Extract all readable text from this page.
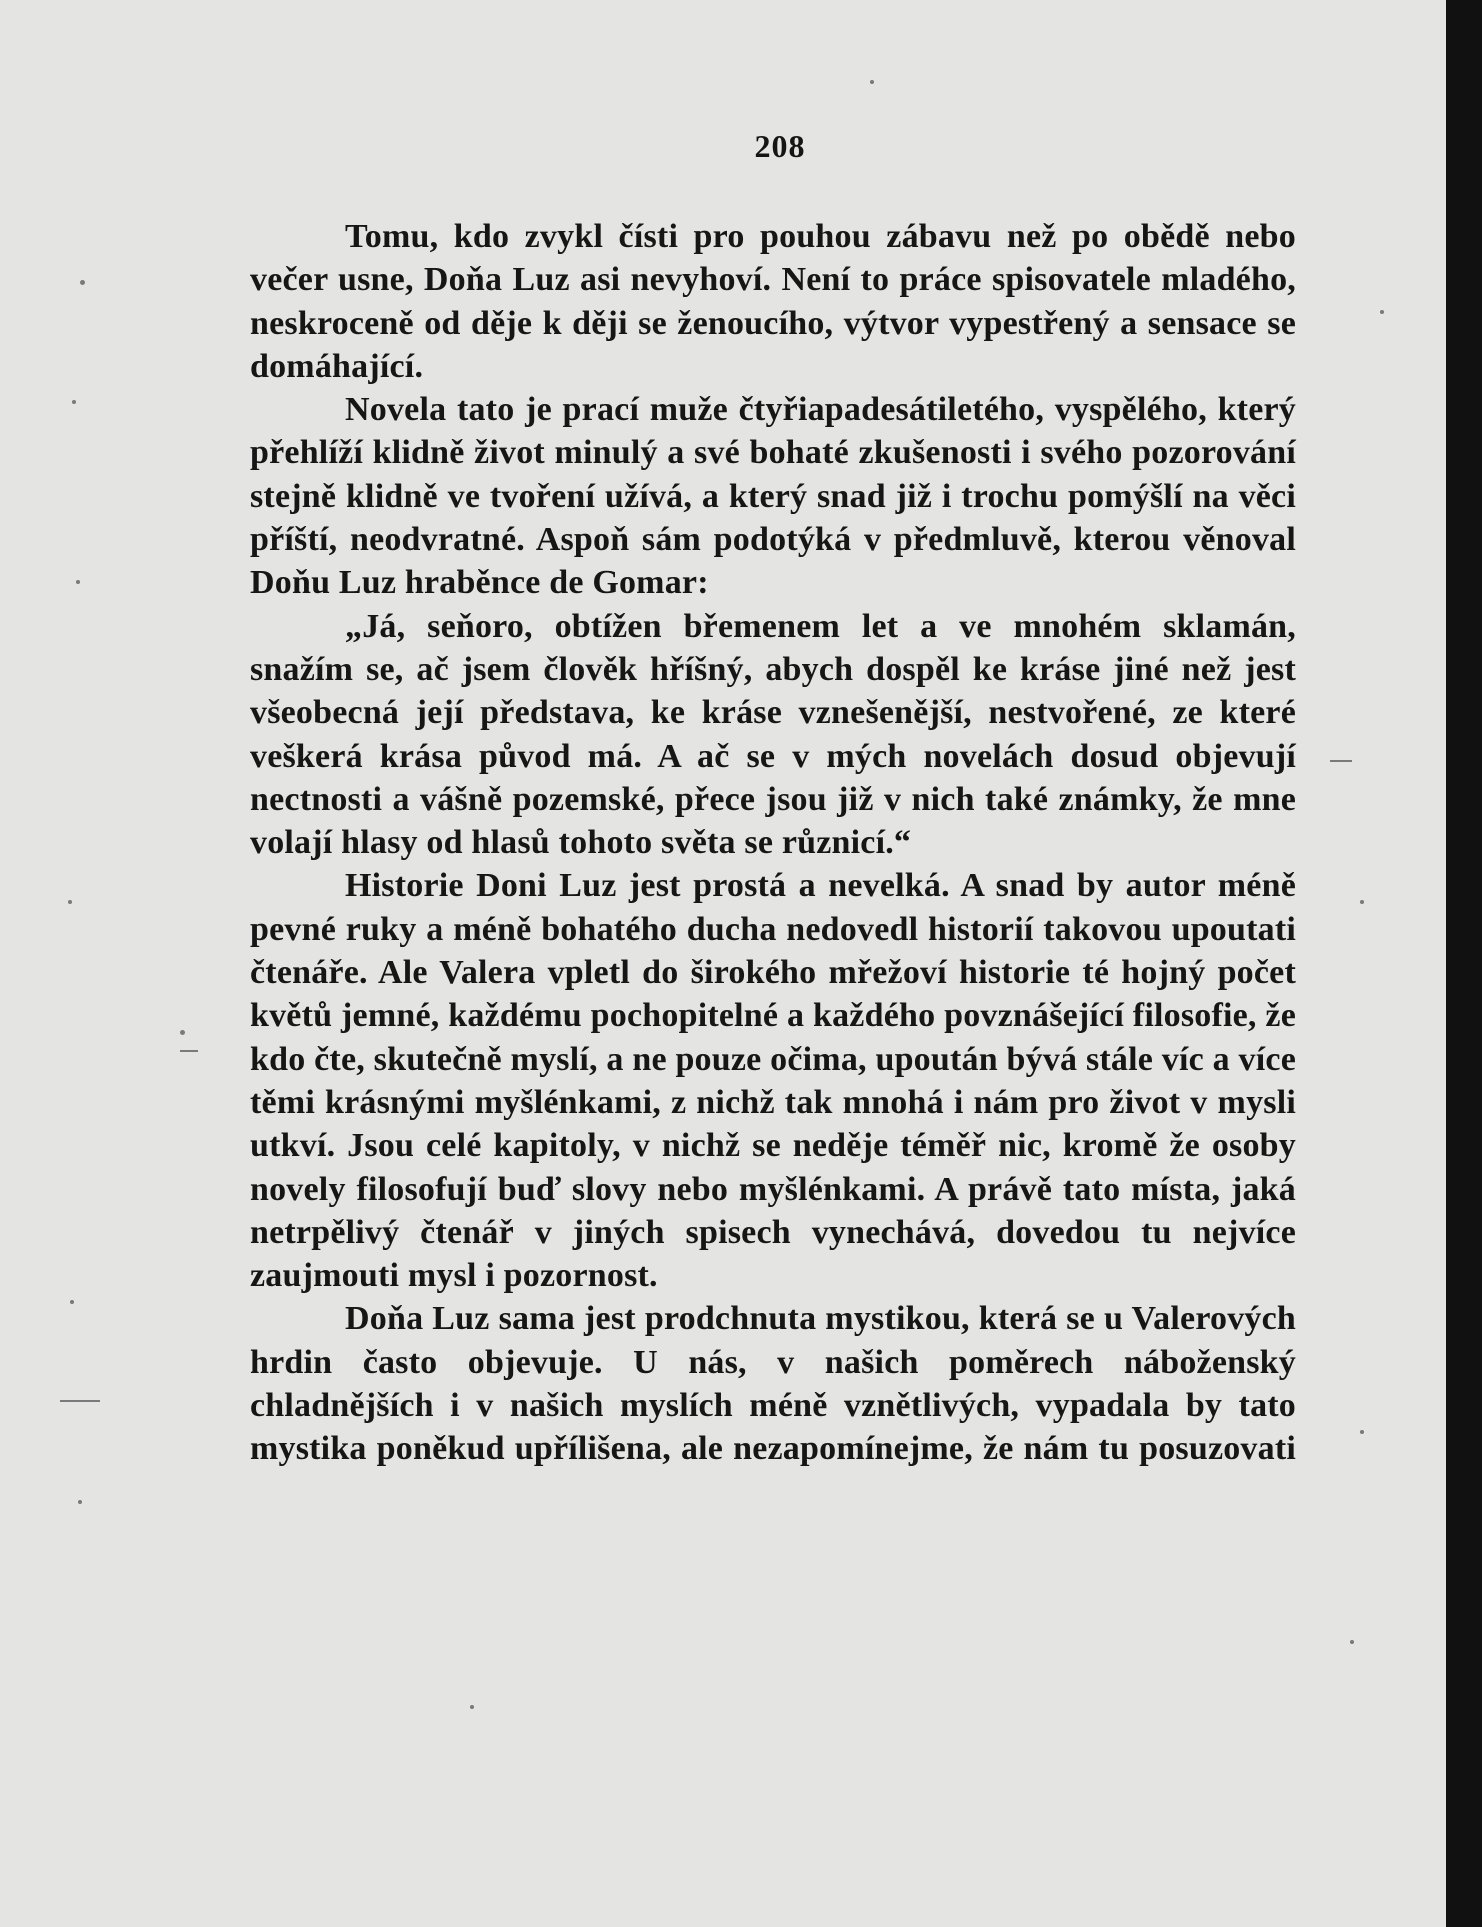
208

Tomu, kdo zvykl čísti pro pouhou zábavu než po obědě nebo večer usne, Doňa Luz asi nevyhoví. Není to práce spisovatele mladého, neskroceně od děje k ději se ženoucího, výtvor vypestřený a sensace se domáhající.

Novela tato je prací muže čtyřiapadesátiletého, vyspělého, který přehlíží klidně život minulý a své bohaté zkušenosti i svého pozorování stejně klidně ve tvoření užívá, a který snad již i trochu pomýšlí na věci příští, neodvratné. Aspoň sám podotýká v předmluvě, kterou věnoval Doňu Luz hraběnce de Gomar:

„Já, seňoro, obtížen břemenem let a ve mnohém sklamán, snažím se, ač jsem člověk hříšný, abych dospěl ke kráse jiné než jest všeobecná její představa, ke kráse vznešenější, nestvořené, ze které veškerá krása původ má. A ač se v mých novelách dosud objevují nectnosti a vášně pozemské, přece jsou již v nich také známky, že mne volají hlasy od hlasů tohoto světa se různicí.“

Historie Doni Luz jest prostá a nevelká. A snad by autor méně pevné ruky a méně bohatého ducha nedovedl historií takovou upoutati čtenáře. Ale Valera vpletl do širokého mřežoví historie té hojný počet květů jemné, každému pochopitelné a každého povznášející filosofie, že kdo čte, skutečně myslí, a ne pouze očima, upoután bývá stále víc a více těmi krásnými myšlénkami, z nichž tak mnohá i nám pro život v mysli utkví. Jsou celé kapitoly, v nichž se neděje téměř nic, kromě že osoby novely filosofují buď slovy nebo myšlénkami. A právě tato místa, jaká netrpělivý čtenář v jiných spisech vynechává, dovedou tu nejvíce zaujmouti mysl i pozornost.

Doňa Luz sama jest prodchnuta mystikou, která se u Valerových hrdin často objevuje. U nás, v našich poměrech náboženský chladnějších i v našich myslích méně vznětlivých, vypadala by tato mystika poněkud upřílišena, ale nezapomínejme, že nám tu posuzovati
